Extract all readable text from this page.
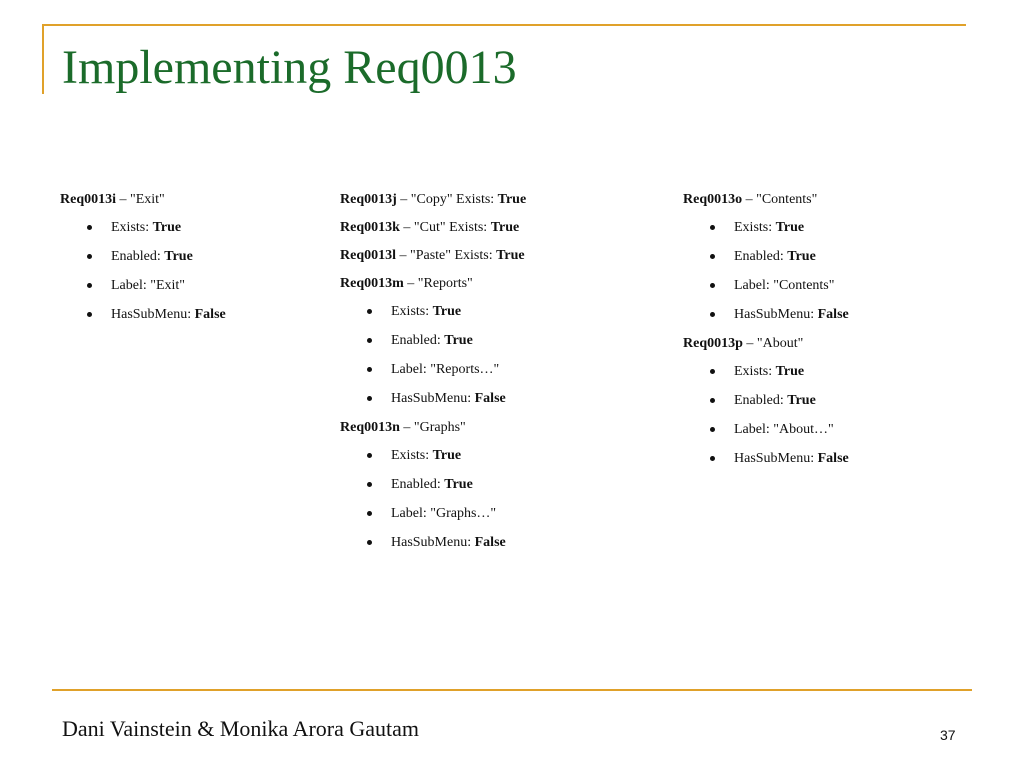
Implementing Req0013
Req0013i – "Exit"
Exists: True
Enabled: True
Label: "Exit"
HasSubMenu: False
Req0013j – "Copy" Exists: True
Req0013k – "Cut" Exists: True
Req0013l – "Paste" Exists: True
Req0013m – "Reports"
Exists: True
Enabled: True
Label: "Reports…"
HasSubMenu: False
Req0013n – "Graphs"
Exists: True
Enabled: True
Label: "Graphs…"
HasSubMenu: False
Req0013o – "Contents"
Exists: True
Enabled: True
Label: "Contents"
HasSubMenu: False
Req0013p – "About"
Exists: True
Enabled: True
Label: "About…"
HasSubMenu: False
Dani Vainstein & Monika Arora Gautam	37
